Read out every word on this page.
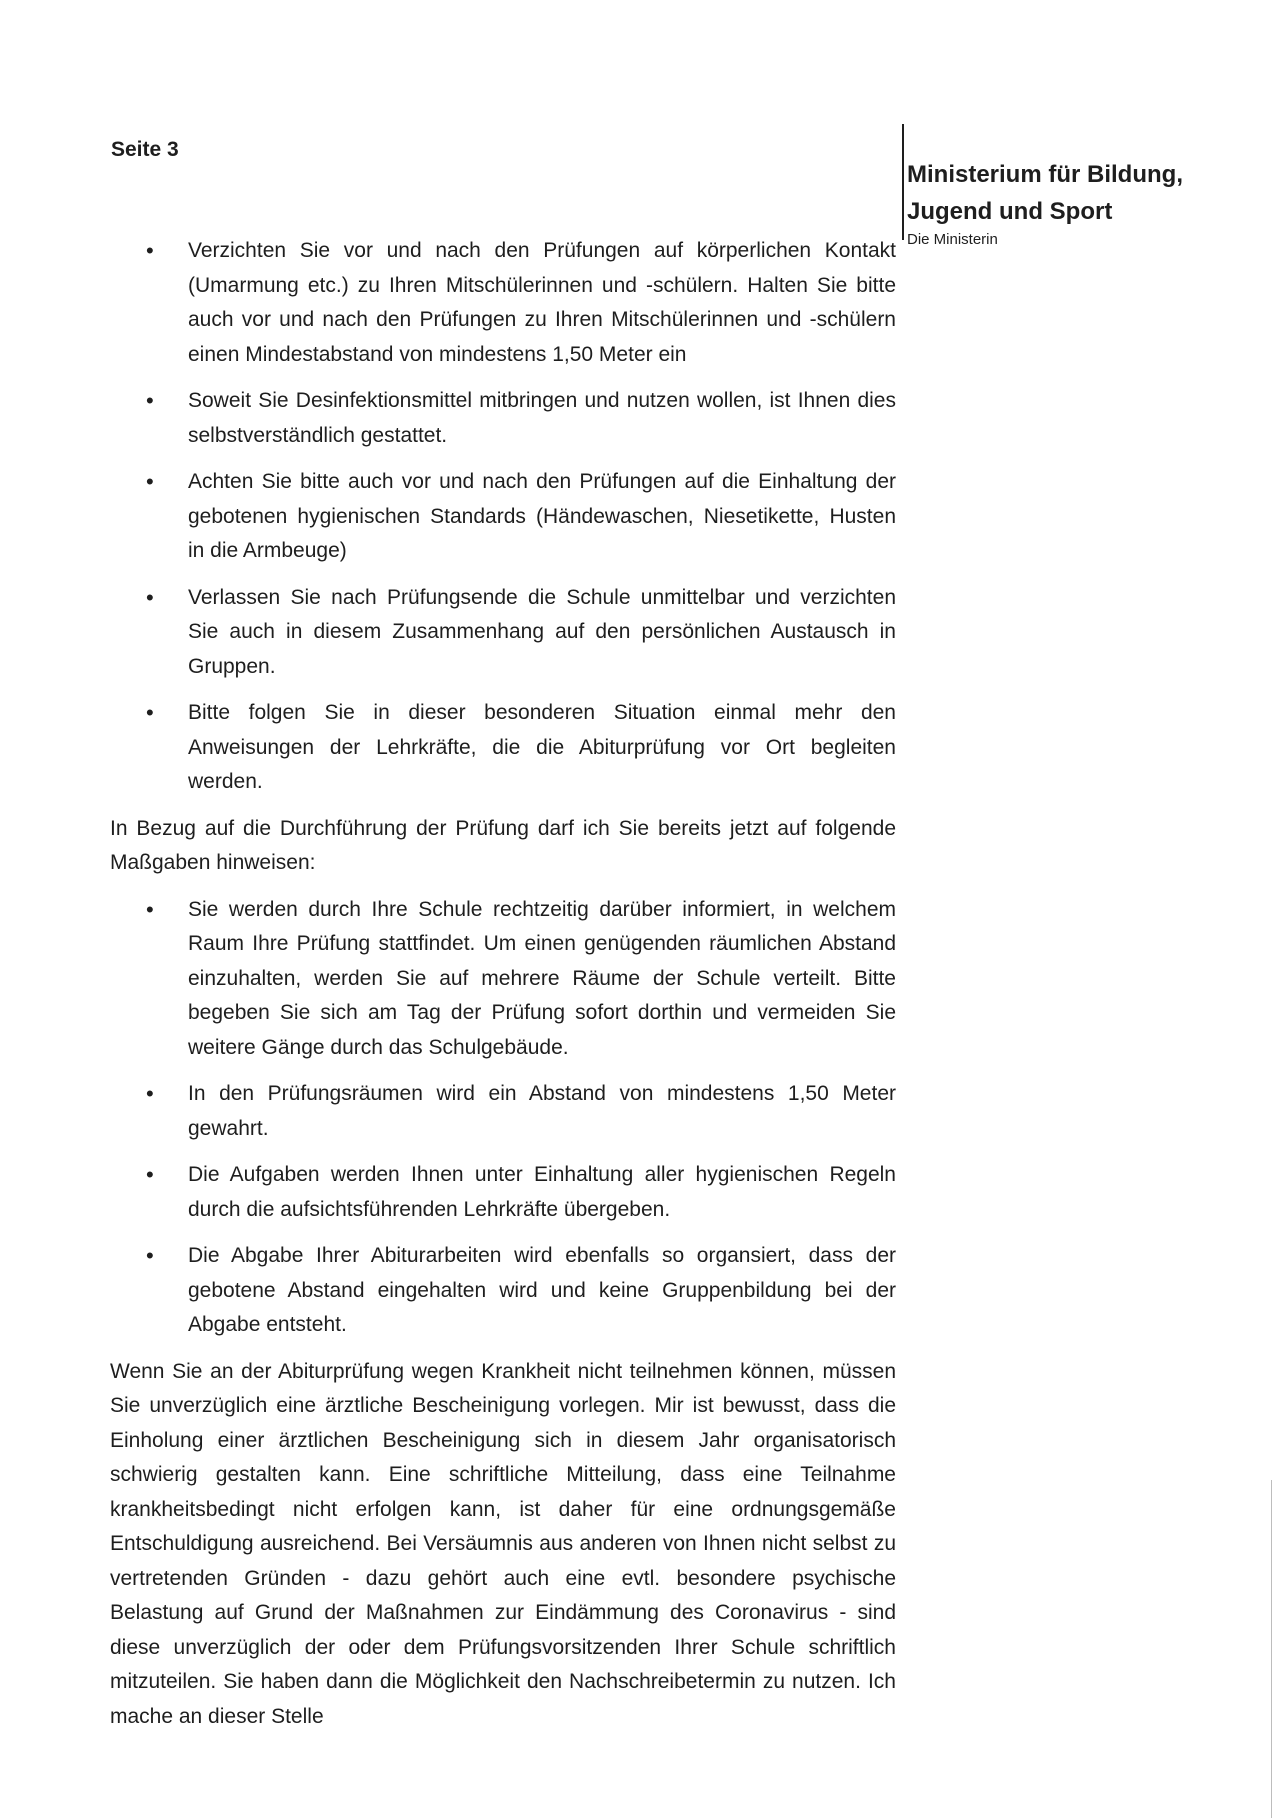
Seite 3

Ministerium für Bildung, Jugend und Sport

Die Ministerin

• Verzichten Sie vor und nach den Prüfungen auf körperlichen Kontakt (Umarmung etc.) zu Ihren Mitschülerinnen und -schülern. Halten Sie bitte auch vor und nach den Prüfungen zu Ihren Mitschülerinnen und -schülern einen Mindestabstand von mindestens 1,50 Meter ein
• Soweit Sie Desinfektionsmittel mitbringen und nutzen wollen, ist Ihnen dies selbstverständlich gestattet.
• Achten Sie bitte auch vor und nach den Prüfungen auf die Einhaltung der gebotenen hygienischen Standards (Händewaschen, Niesetikette, Husten in die Armbeuge)
• Verlassen Sie nach Prüfungsende die Schule unmittelbar und verzichten Sie auch in diesem Zusammenhang auf den persönlichen Austausch in Gruppen.
• Bitte folgen Sie in dieser besonderen Situation einmal mehr den Anweisungen der Lehrkräfte, die die Abiturprüfung vor Ort begleiten werden.

In Bezug auf die Durchführung der Prüfung darf ich Sie bereits jetzt auf folgende Maßgaben hinweisen:

• Sie werden durch Ihre Schule rechtzeitig darüber informiert, in welchem Raum Ihre Prüfung stattfindet. Um einen genügenden räumlichen Abstand einzuhalten, werden Sie auf mehrere Räume der Schule verteilt. Bitte begeben Sie sich am Tag der Prüfung sofort dorthin und vermeiden Sie weitere Gänge durch das Schulgebäude.
• In den Prüfungsräumen wird ein Abstand von mindestens 1,50 Meter gewahrt.
• Die Aufgaben werden Ihnen unter Einhaltung aller hygienischen Regeln durch die aufsichtsführenden Lehrkräfte übergeben.
• Die Abgabe Ihrer Abiturarbeiten wird ebenfalls so organsiert, dass der gebotene Abstand eingehalten wird und keine Gruppenbildung bei der Abgabe entsteht.

Wenn Sie an der Abiturprüfung wegen Krankheit nicht teilnehmen können, müssen Sie unverzüglich eine ärztliche Bescheinigung vorlegen. Mir ist bewusst, dass die Einholung einer ärztlichen Bescheinigung sich in diesem Jahr organisatorisch schwierig gestalten kann. Eine schriftliche Mitteilung, dass eine Teilnahme krankheitsbedingt nicht erfolgen kann, ist daher für eine ordnungsgemäße Entschuldigung ausreichend. Bei Versäumnis aus anderen von Ihnen nicht selbst zu vertretenden Gründen - dazu gehört auch eine evtl. besondere psychische Belastung auf Grund der Maßnahmen zur Eindämmung des Coronavirus - sind diese unverzüglich der oder dem Prüfungsvorsitzenden Ihrer Schule schriftlich mitzuteilen. Sie haben dann die Möglichkeit den Nachschreibetermin zu nutzen. Ich mache an dieser Stelle
